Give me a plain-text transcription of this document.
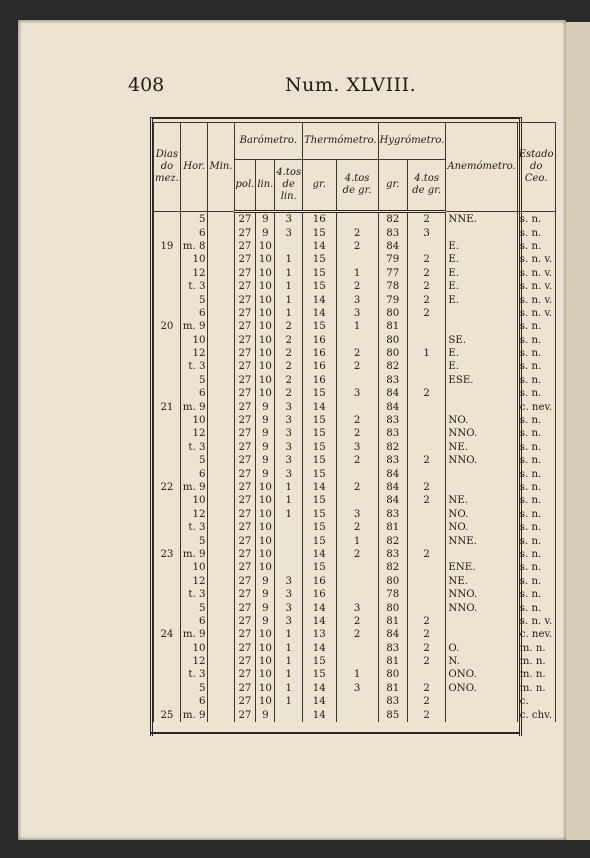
408	Num. XLVIII.
Dias do mez.	Hor.	Min.	Barómetro.			Thermómetro.		Hygrómetro.		Anemómetro.	Estado do Ceo.
			pol.	lin.	4.tos de lin.	gr.	4.tos de gr.	gr.	4.tos de gr.		
	5		27	9	3	16		82	2	NNE.	s. n.
	6		27	9	3	15	2	83	3		s. n.
19	m. 8		27	10		14	2	84		E.	s. n.
	10		27	10	1	15		79	2	E.	s. n. v.
	12		27	10	1	15	1	77	2	E.	s. n. v.
	t. 3		27	10	1	15	2	78	2	E.	s. n. v.
	5		27	10	1	14	3	79	2	E.	s. n. v.
	6		27	10	1	14	3	80	2		s. n. v.
20	m. 9		27	10	2	15	1	81			s. n.
	10		27	10	2	16		80		SE.	s. n.
	12		27	10	2	16	2	80	1	E.	s. n.
	t. 3		27	10	2	16	2	82		E.	s. n.
	5		27	10	2	16		83		ESE.	s. n.
	6		27	10	2	15	3	84	2		s. n.
21	m. 9		27	9	3	14		84			c. nev.
	10		27	9	3	15	2	83		NO.	s. n.
	12		27	9	3	15	2	83		NNO.	s. n.
	t. 3		27	9	3	15	3	82		NE.	s. n.
	5		27	9	3	15	2	83	2	NNO.	s. n.
	6		27	9	3	15		84			s. n.
22	m. 9		27	10	1	14	2	84	2		s. n.
	10		27	10	1	15		84	2	NE.	s. n.
	12		27	10	1	15	3	83		NO.	s. n.
	t. 3		27	10		15	2	81		NO.	s. n.
	5		27	10		15	1	82		NNE.	s. n.
23	m. 9		27	10		14	2	83	2		s. n.
	10		27	10		15		82		ENE.	s. n.
	12		27	9	3	16		80		NE.	s. n.
	t. 3		27	9	3	16		78		NNO.	s. n.
	5		27	9	3	14	3	80		NNO.	s. n.
	6		27	9	3	14	2	81	2		s. n. v.
24	m. 9		27	10	1	13	2	84	2		c. nev.
	10		27	10	1	14		83	2	O.	m. n.
	12		27	10	1	15		81	2	N.	m. n.
	t. 3		27	10	1	15	1	80		ONO.	m. n.
	5		27	10	1	14	3	81	2	ONO.	m. n.
	6		27	10	1	14		83	2		c.
25	m. 9		27	9		14		85	2		c. chv.
